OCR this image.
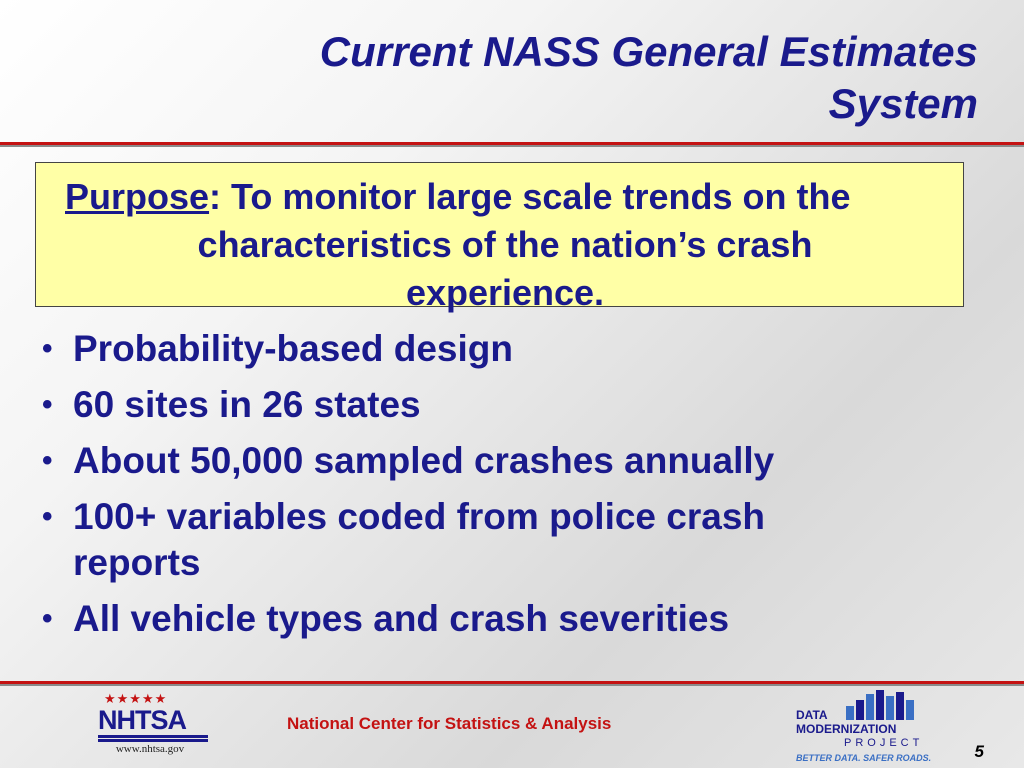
Current NASS General Estimates
System
Purpose: To monitor large scale trends on the
characteristics of the nation’s crash
experience.
• Probability-based design
• 60 sites in 26 states
• About 50,000 sampled crashes annually
• 100+ variables coded from police crash reports
• All vehicle types and crash severities
★★★★★
NHTSA
www.nhtsa.gov
National Center for Statistics & Analysis	DATA
MODERNIZATION
PROJECT
BETTER DATA. SAFER ROADS.	5
